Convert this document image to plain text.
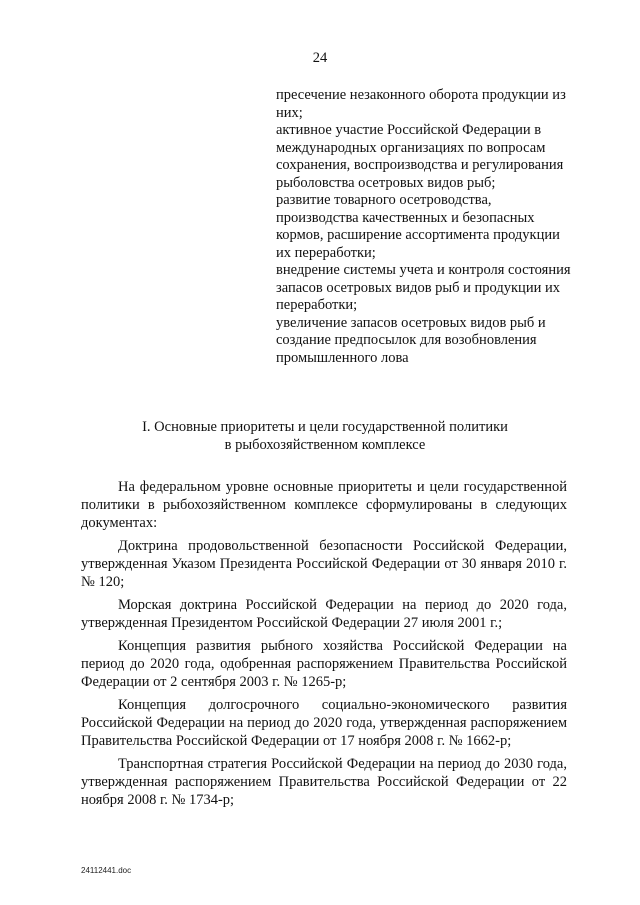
24

пресечение незаконного оборота продукции из них;

активное участие Российской Федерации в международных организациях по вопросам сохранения, воспроизводства и регулирования рыболовства осетровых видов рыб;

развитие товарного осетроводства, производства качественных и безопасных кормов, расширение ассортимента продукции их переработки;

внедрение системы учета и контроля состояния запасов осетровых видов рыб и продукции их переработки;

увеличение запасов осетровых видов рыб и создание предпосылок для возобновления промышленного лова

I. Основные приоритеты и цели государственной политики
в рыбохозяйственном комплексе

На федеральном уровне основные приоритеты и цели государственной политики в рыбохозяйственном комплексе сформулированы в следующих документах:

Доктрина продовольственной безопасности Российской Федерации, утвержденная Указом Президента Российской Федерации от 30 января 2010 г. № 120;

Морская доктрина Российской Федерации на период до 2020 года, утвержденная Президентом Российской Федерации 27 июля 2001 г.;

Концепция развития рыбного хозяйства Российской Федерации на период до 2020 года, одобренная распоряжением Правительства Российской Федерации от 2 сентября 2003 г. № 1265-р;

Концепция долгосрочного социально-экономического развития Российской Федерации на период до 2020 года, утвержденная распоряжением Правительства Российской Федерации от 17 ноября 2008 г. № 1662-р;

Транспортная стратегия Российской Федерации на период до 2030 года, утвержденная распоряжением Правительства Российской Федерации от 22 ноября 2008 г. № 1734-р;

24112441.doc
